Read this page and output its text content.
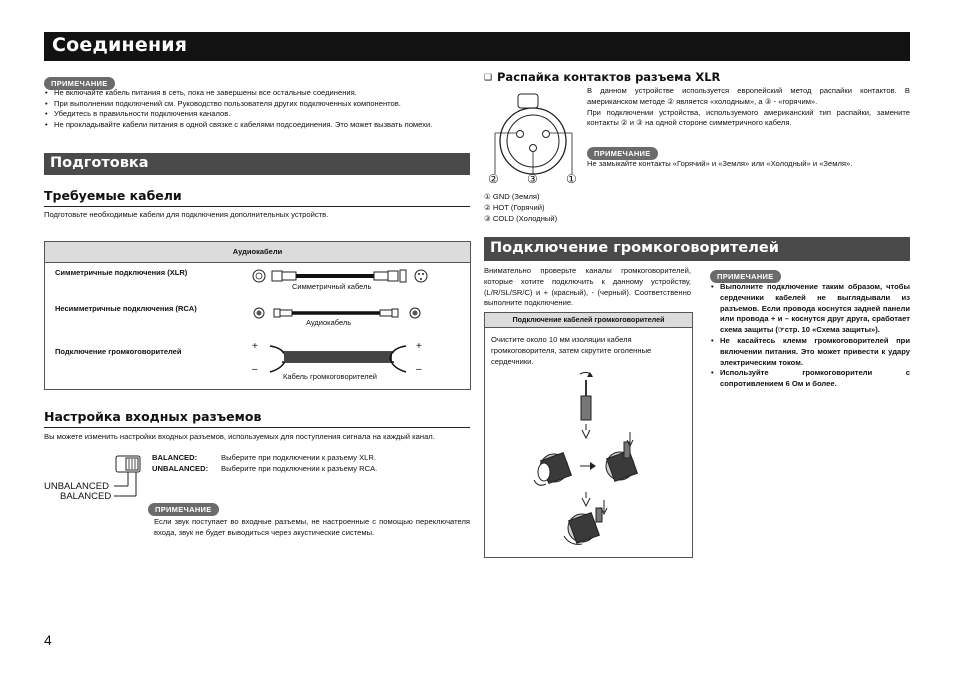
Соединения
ПРИМЕЧАНИЕ
• Не включайте кабель питания в сеть, пока не завершены все остальные соединения.
• При выполнении подключений см. Руководство пользователя других подключенных компонентов.
• Убедитесь в правильности подключения каналов.
• Не прокладывайте кабели питания в одной связке с кабелями подсоединения. Это может вызвать помехи.
Подготовка
Требуемые кабели
Подготовьте необходимые кабели для подключения дополнительных устройств.
Аудиокабели
Симметричные подключения (XLR)
Несимметричные подключения (RCA)
Подключение громкоговорителей
Симметричный кабель
Аудиокабель
+
–
+
–
Кабель громкоговорителей
Настройка входных разъемов
Вы можете изменить настройки входных разъемов, используемых для поступления сигнала на каждый канал.
UNBALANCED
BALANCED
BALANCED:	Выберите при подключении к разъему XLR.
UNBALANCED: Выберите при подключении к разъему RCA.
ПРИМЕЧАНИЕ
Если звук поступает во входные разъемы, не настроенные с помощью переключателя входа, звук не будет выводиться через акустические системы.
❑ Распайка контактов разъема XLR
② ③ ①
① GND (Земля)
② HOT (Горячий)
③ COLD (Холодный)
В данном устройстве используется европейский метод распайки контактов. В американском методе ② является «холодным», а ③ - «горячим».
При подключении устройства, используемого американский тип распайки, замените контакты ② и ③ на одной стороне симметричного кабеля.
ПРИМЕЧАНИЕ
Не замыкайте контакты «Горячий» и «Земля» или «Холодный» и «Земля».
Подключение громкоговорителей
Внимательно проверьте каналы громкоговорителей, которые хотите подключить к данному устройству, (L/R/SL/SR/C) и + (красный), - (черный). Соответственно выполните подключение.
Подключение кабелей громкоговорителей
Очистите около 10 мм изоляции кабеля громкоговорителя, затем скрутите оголенные сердечники.
ПРИМЕЧАНИЕ
• Выполните подключение таким образом, чтобы сердечники кабелей не выглядывали из разъемов. Если провода коснутся задней панели или провода + и – коснутся друг друга, сработает схема защиты (☞стр. 10 «Схема защиты»).
• Не касайтесь клемм громкоговорителей при включении питания. Это может привести к удару электрическим током.
• Используйте громкоговорители с сопротивлением 6 Ом и более.
4
